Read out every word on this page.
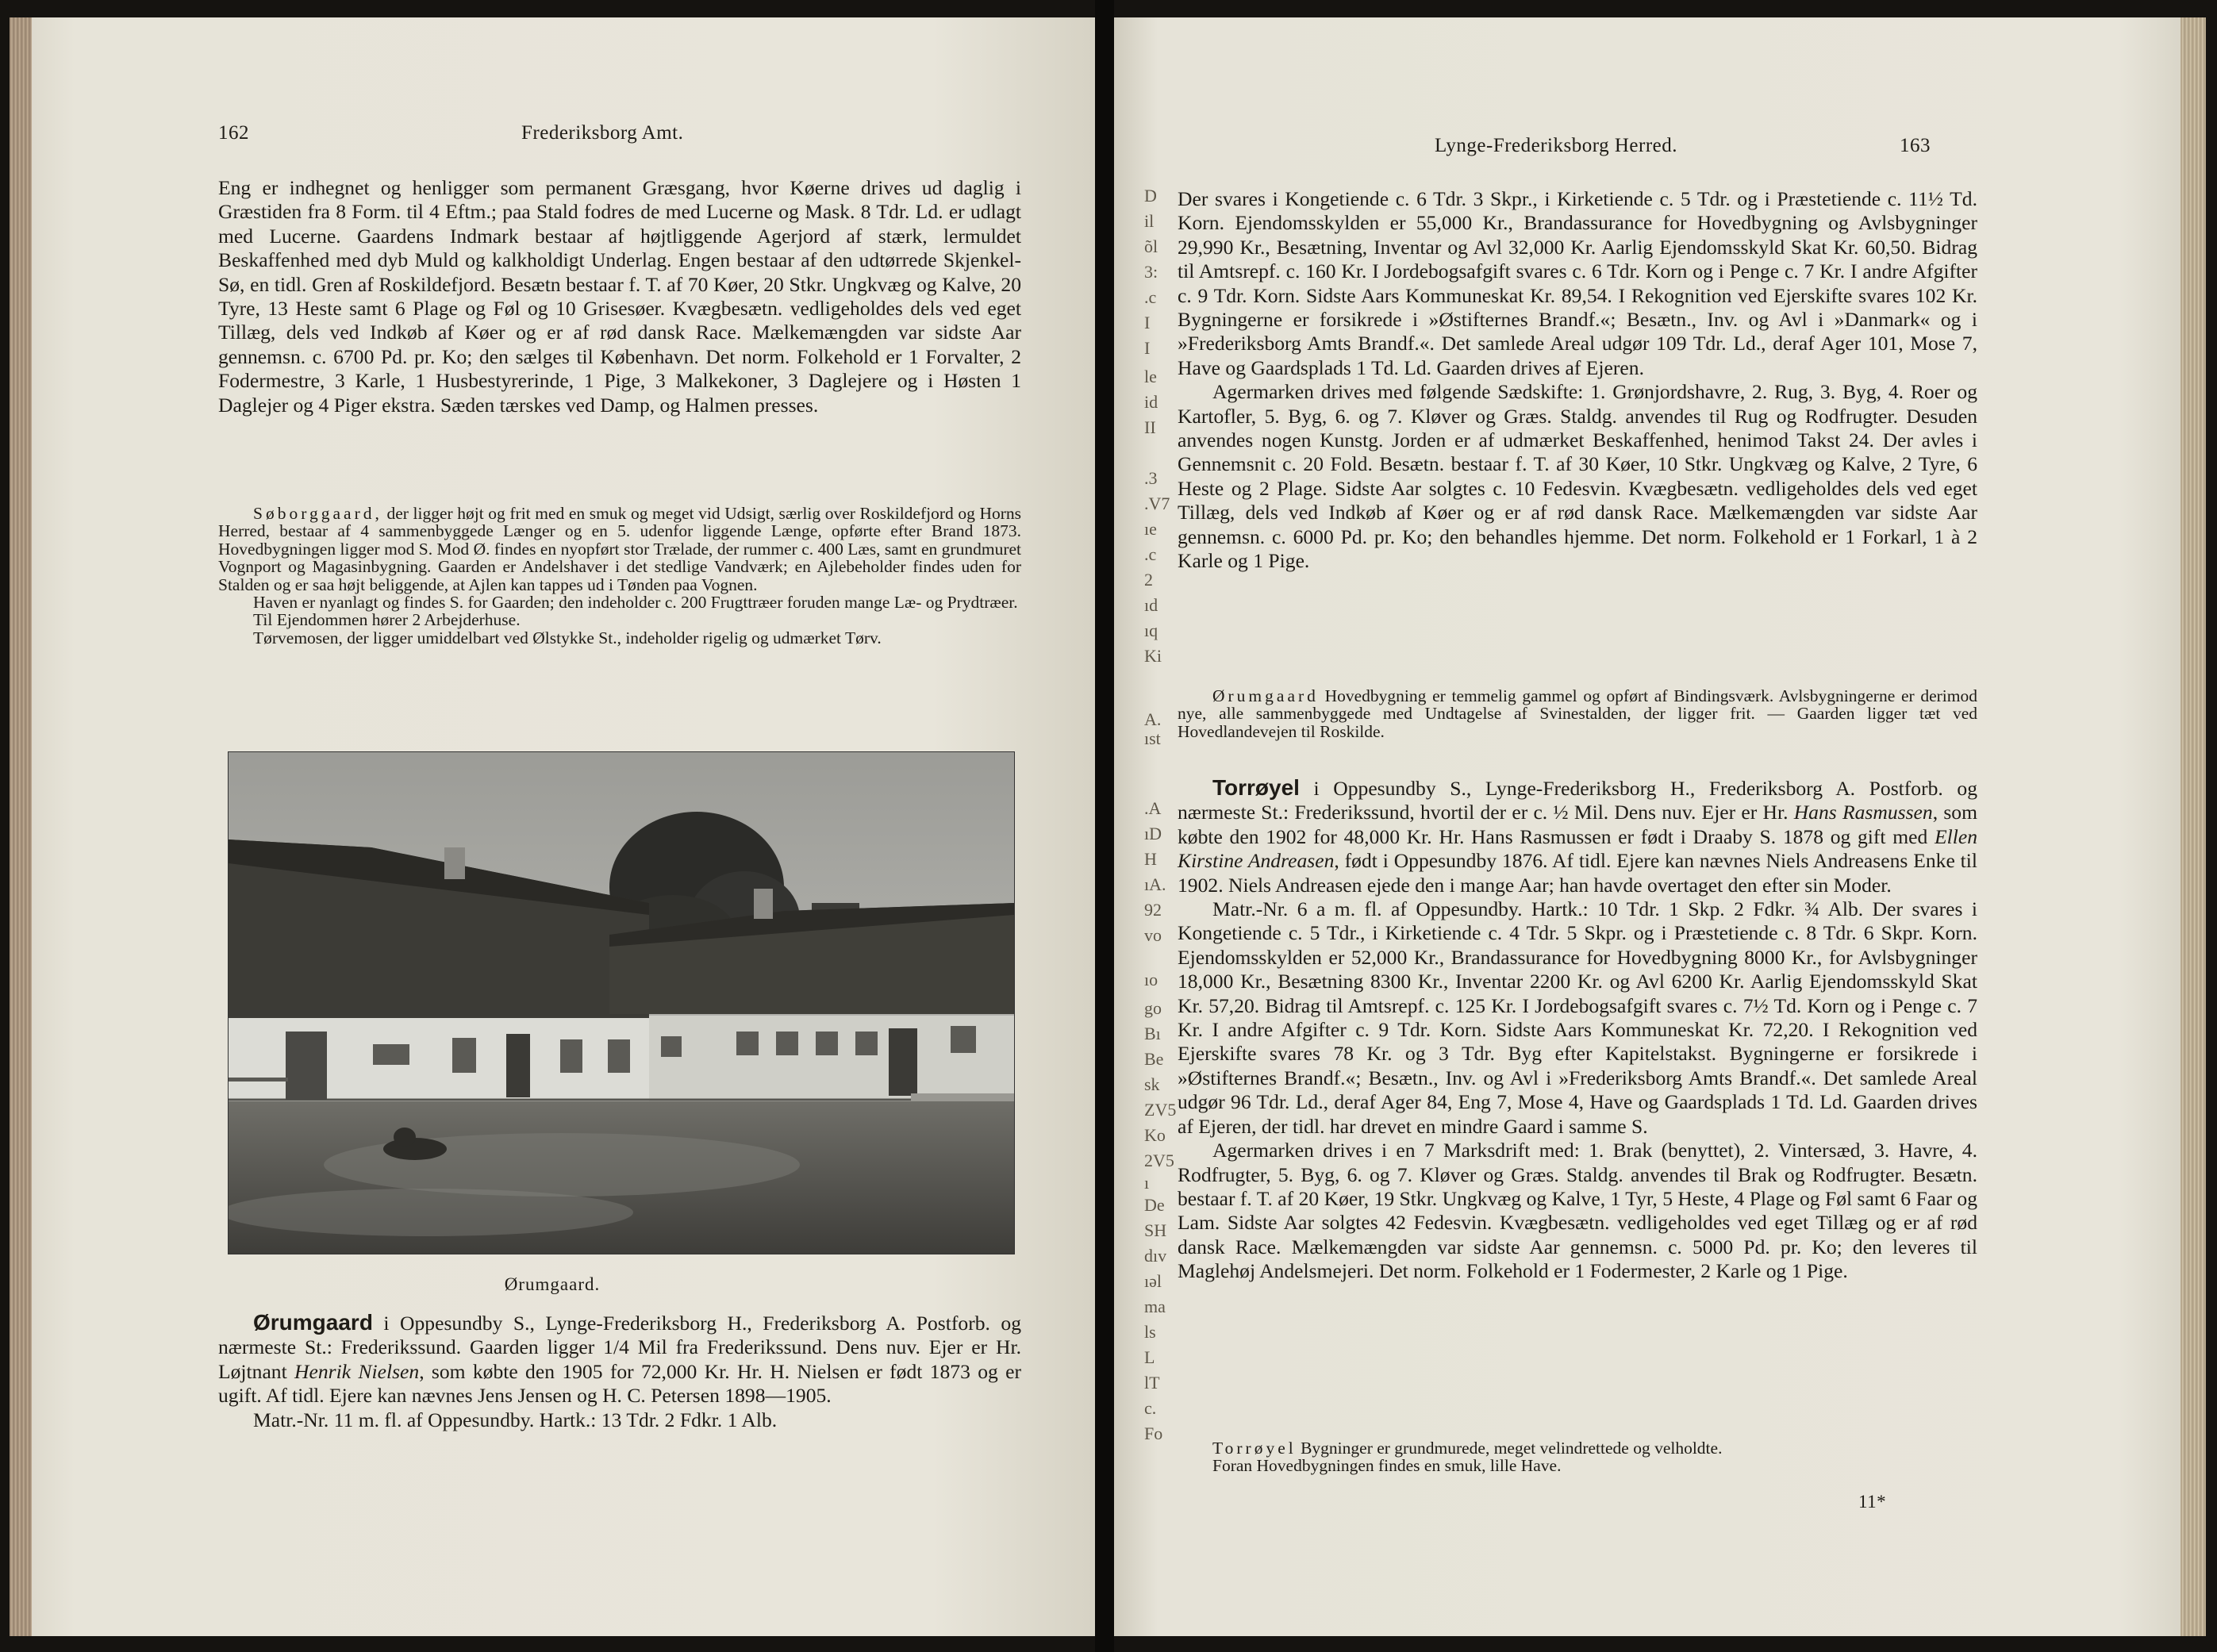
162	Frederiksborg Amt.

Eng er indhegnet og henligger som permanent Græsgang, hvor Køerne drives ud daglig i Græstiden fra 8 Form. til 4 Eftm.; paa Stald fodres de med Lucerne og Mask. 8 Tdr. Ld. er udlagt med Lucerne. Gaardens Indmark bestaar af højtliggende Agerjord af stærk, lermuldet Beskaffenhed med dyb Muld og kalkholdigt Underlag. Engen bestaar af den udtørrede Skjenkel-Sø, en tidl. Gren af Roskildefjord. Besætn bestaar f. T. af 70 Køer, 20 Stkr. Ungkvæg og Kalve, 20 Tyre, 13 Heste samt 6 Plage og Føl og 10 Grisesøer. Kvægbesætn. vedligeholdes dels ved eget Tillæg, dels ved Indkøb af Køer og er af rød dansk Race. Mælkemængden var sidste Aar gennemsn. c. 6700 Pd. pr. Ko; den sælges til København. Det norm. Folkehold er 1 Forvalter, 2 Fodermestre, 3 Karle, 1 Husbestyrerinde, 1 Pige, 3 Malkekoner, 3 Daglejere og i Høsten 1 Daglejer og 4 Piger ekstra. Sæden tærskes ved Damp, og Halmen presses.

Søborggaard, der ligger højt og frit med en smuk og meget vid Udsigt, særlig over Roskildefjord og Horns Herred, bestaar af 4 sammenbyggede Længer og en 5. udenfor liggende Længe, opførte efter Brand 1873. Hovedbygningen ligger mod S. Mod Ø. findes en nyopført stor Trælade, der rummer c. 400 Læs, samt en grundmuret Vognport og Magasinbygning. Gaarden er Andelshaver i det stedlige Vandværk; en Ajlebeholder findes uden for Stalden og er saa højt beliggende, at Ajlen kan tappes ud i Tønden paa Vognen.

Haven er nyanlagt og findes S. for Gaarden; den indeholder c. 200 Frugttræer foruden mange Læ- og Prydtræer.

Til Ejendommen hører 2 Arbejderhuse.

Tørvemosen, der ligger umiddelbart ved Ølstykke St., indeholder rigelig og udmærket Tørv.

Ørumgaard.

Ørumgaard i Oppesundby S., Lynge-Frederiksborg H., Frederiksborg A. Postforb. og nærmeste St.: Frederikssund. Gaarden ligger 1/4 Mil fra Frederikssund. Dens nuv. Ejer er Hr. Løjtnant Henrik Nielsen, som købte den 1905 for 72,000 Kr. Hr. H. Nielsen er født 1873 og er ugift. Af tidl. Ejere kan nævnes Jens Jensen og H. C. Petersen 1898—1905.

Matr.-Nr. 11 m. fl. af Oppesundby. Hartk.: 13 Tdr. 2 Fdkr. 1 Alb.

D
il
õl
3:
.c
I
I
le
id
II
.3
.V7
ıe
.c
2
ıd
ıq
Ki
A.
ıst
.A
ıD
H
ıA.
92
vo
ıo
go
Bı
Be
sk
ZV5
Ko
2V5
ı
De
SH
dıv
ıəl
ma
ls
L
lT
c.
Fo
Lynge-Frederiksborg Herred.	163

Der svares i Kongetiende c. 6 Tdr. 3 Skpr., i Kirketiende c. 5 Tdr. og i Præstetiende c. 11½ Td. Korn. Ejendomsskylden er 55,000 Kr., Brandassurance for Hovedbygning og Avlsbygninger 29,990 Kr., Besætning, Inventar og Avl 32,000 Kr. Aarlig Ejendomsskyld Skat Kr. 60,50. Bidrag til Amtsrepf. c. 160 Kr. I Jordebogsafgift svares c. 6 Tdr. Korn og i Penge c. 7 Kr. I andre Afgifter c. 9 Tdr. Korn. Sidste Aars Kommuneskat Kr. 89,54. I Rekognition ved Ejerskifte svares 102 Kr. Bygningerne er forsikrede i »Østifternes Brandf.«; Besætn., Inv. og Avl i »Danmark« og i »Frederiksborg Amts Brandf.«. Det samlede Areal udgør 109 Tdr. Ld., deraf Ager 101, Mose 7, Have og Gaardsplads 1 Td. Ld. Gaarden drives af Ejeren.

Agermarken drives med følgende Sædskifte: 1. Grønjordshavre, 2. Rug, 3. Byg, 4. Roer og Kartofler, 5. Byg, 6. og 7. Kløver og Græs. Staldg. anvendes til Rug og Rodfrugter. Desuden anvendes nogen Kunstg. Jorden er af udmærket Beskaffenhed, henimod Takst 24. Der avles i Gennemsnit c. 20 Fold. Besætn. bestaar f. T. af 30 Køer, 10 Stkr. Ungkvæg og Kalve, 2 Tyre, 6 Heste og 2 Plage. Sidste Aar solgtes c. 10 Fedesvin. Kvægbesætn. vedligeholdes dels ved eget Tillæg, dels ved Indkøb af Køer og er af rød dansk Race. Mælkemængden var sidste Aar gennemsn. c. 6000 Pd. pr. Ko; den behandles hjemme. Det norm. Folkehold er 1 Forkarl, 1 à 2 Karle og 1 Pige.

Ørumgaard Hovedbygning er temmelig gammel og opført af Bindingsværk. Avlsbygningerne er derimod nye, alle sammenbyggede med Undtagelse af Svinestalden, der ligger frit. — Gaarden ligger tæt ved Hovedlandevejen til Roskilde.

Torrøyel i Oppesundby S., Lynge-Frederiksborg H., Frederiksborg A. Postforb. og nærmeste St.: Frederikssund, hvortil der er c. ½ Mil. Dens nuv. Ejer er Hr. Hans Rasmussen, som købte den 1902 for 48,000 Kr. Hr. Hans Rasmussen er født i Draaby S. 1878 og gift med Ellen Kirstine Andreasen, født i Oppesundby 1876. Af tidl. Ejere kan nævnes Niels Andreasens Enke til 1902. Niels Andreasen ejede den i mange Aar; han havde overtaget den efter sin Moder.

Matr.-Nr. 6 a m. fl. af Oppesundby. Hartk.: 10 Tdr. 1 Skp. 2 Fdkr. ¾ Alb. Der svares i Kongetiende c. 5 Tdr., i Kirketiende c. 4 Tdr. 5 Skpr. og i Præstetiende c. 8 Tdr. 6 Skpr. Korn. Ejendomsskylden er 52,000 Kr., Brandassurance for Hovedbygning 8000 Kr., for Avlsbygninger 18,000 Kr., Besætning 8300 Kr., Inventar 2200 Kr. og Avl 6200 Kr. Aarlig Ejendomsskyld Skat Kr. 57,20. Bidrag til Amtsrepf. c. 125 Kr. I Jordebogsafgift svares c. 7½ Td. Korn og i Penge c. 7 Kr. I andre Afgifter c. 9 Tdr. Korn. Sidste Aars Kommuneskat Kr. 72,20. I Rekognition ved Ejerskifte svares 78 Kr. og 3 Tdr. Byg efter Kapitelstakst. Bygningerne er forsikrede i »Østifternes Brandf.«; Besætn., Inv. og Avl i »Frederiksborg Amts Brandf.«. Det samlede Areal udgør 96 Tdr. Ld., deraf Ager 84, Eng 7, Mose 4, Have og Gaardsplads 1 Td. Ld. Gaarden drives af Ejeren, der tidl. har drevet en mindre Gaard i samme S.

Agermarken drives i en 7 Marksdrift med: 1. Brak (benyttet), 2. Vintersæd, 3. Havre, 4. Rodfrugter, 5. Byg, 6. og 7. Kløver og Græs. Staldg. anvendes til Brak og Rodfrugter. Besætn. bestaar f. T. af 20 Køer, 19 Stkr. Ungkvæg og Kalve, 1 Tyr, 5 Heste, 4 Plage og Føl samt 6 Faar og Lam. Sidste Aar solgtes 42 Fedesvin. Kvægbesætn. vedligeholdes ved eget Tillæg og er af rød dansk Race. Mælkemængden var sidste Aar gennemsn. c. 5000 Pd. pr. Ko; den leveres til Maglehøj Andelsmejeri. Det norm. Folkehold er 1 Fodermester, 2 Karle og 1 Pige.

Torrøyel Bygninger er grundmurede, meget velindrettede og velholdte.

Foran Hovedbygningen findes en smuk, lille Have.

11*
